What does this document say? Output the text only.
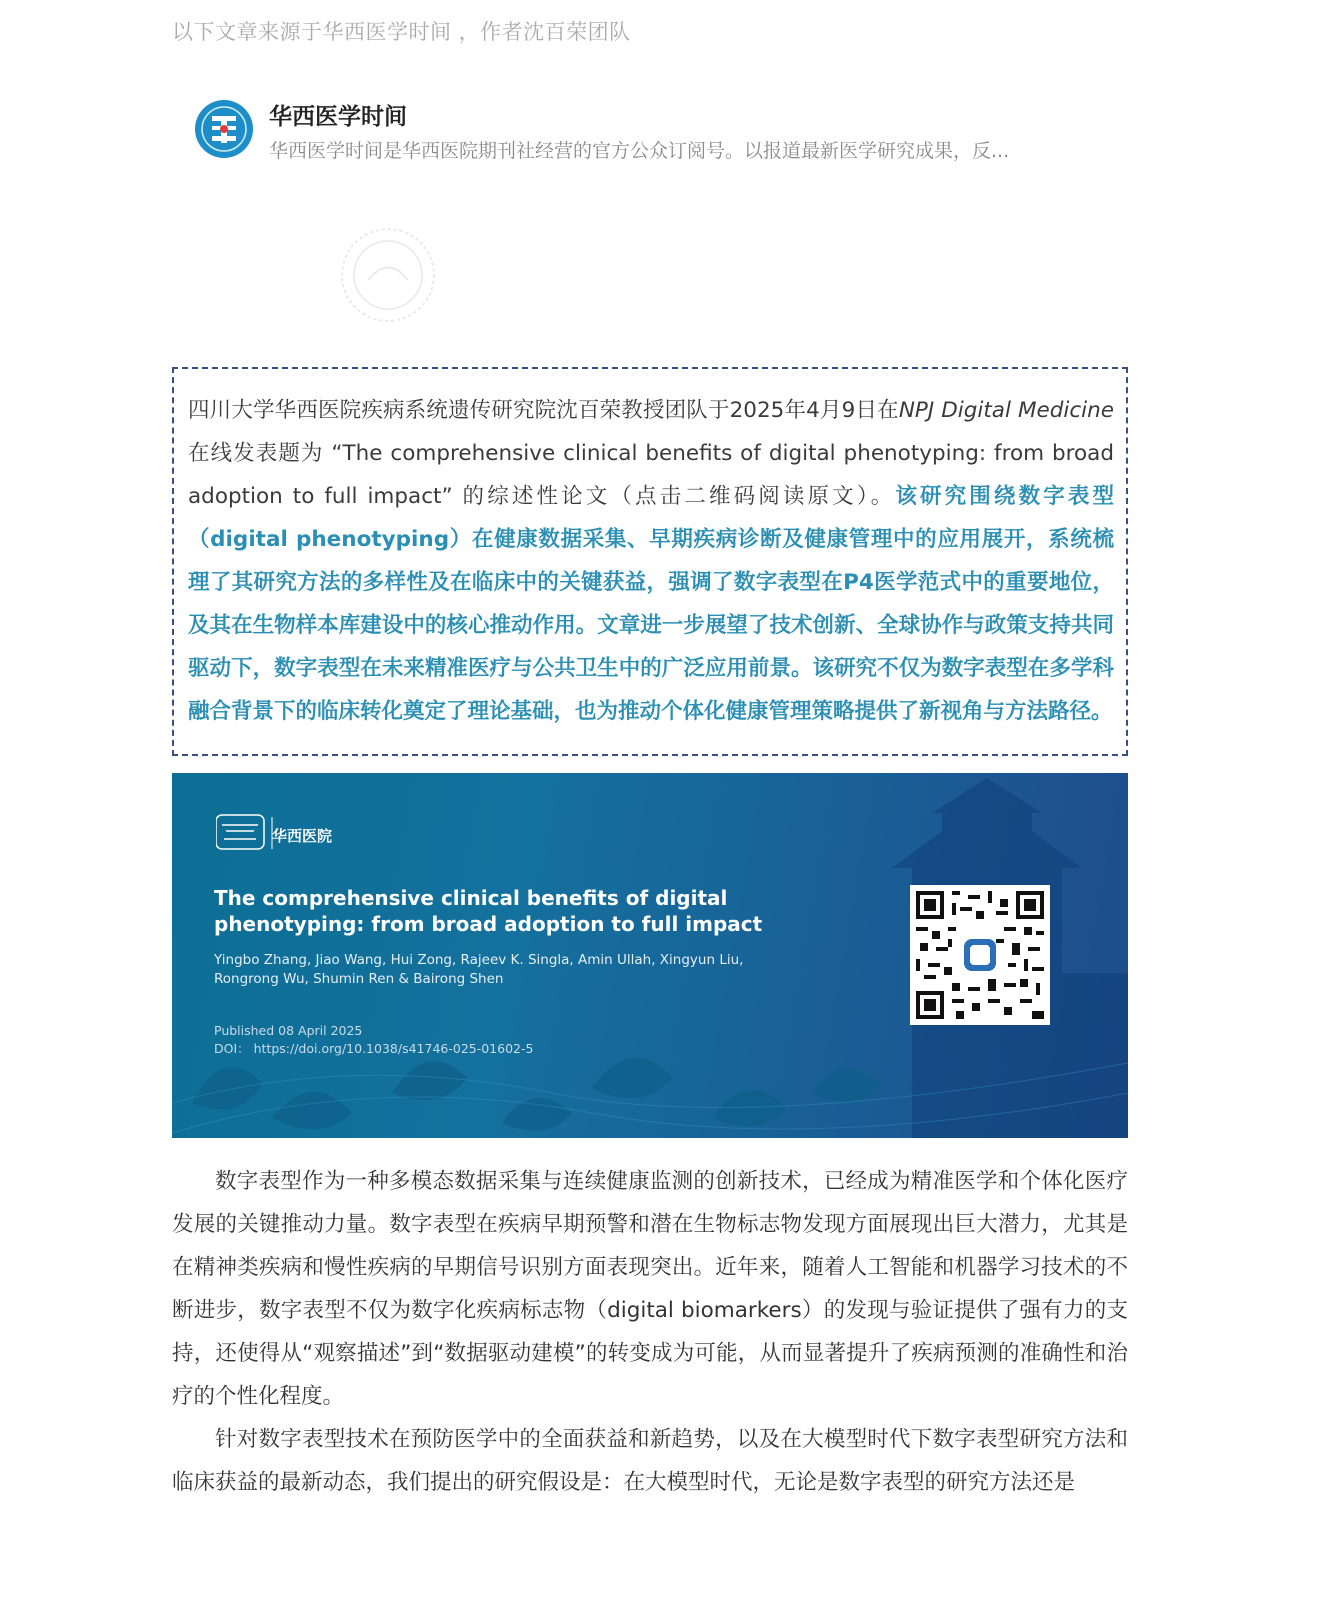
以下文章来源于华西医学时间 ，作者沈百荣团队
华西医学时间
华西医学时间是华西医院期刊社经营的官方公众订阅号。以报道最新医学研究成果，反...

四川大学华西医院疾病系统遗传研究院沈百荣教授团队于2025年4月9日在NPJ Digital Medicine在线发表题为 “The comprehensive clinical benefits of digital phenotyping: from broad adoption to full impact” 的综述性论文（点击二维码阅读原文）。该研究围绕数字表型（digital phenotyping）在健康数据采集、早期疾病诊断及健康管理中的应用展开，系统梳理了其研究方法的多样性及在临床中的关键获益，强调了数字表型在P4医学范式中的重要地位，及其在生物样本库建设中的核心推动作用。文章进一步展望了技术创新、全球协作与政策支持共同驱动下，数字表型在未来精准医疗与公共卫生中的广泛应用前景。该研究不仅为数字表型在多学科融合背景下的临床转化奠定了理论基础，也为推动个体化健康管理策略提供了新视角与方法路径。

华西医院

The comprehensive clinical benefits of digital phenotyping: from broad adoption to full impact

Yingbo Zhang, Jiao Wang, Hui Zong, Rajeev K. Singla, Amin Ullah, Xingyun Liu, Rongrong Wu, Shumin Ren & Bairong Shen

Published 08 April 2025
DOI： https://doi.org/10.1038/s41746-025-01602-5

数字表型作为一种多模态数据采集与连续健康监测的创新技术，已经成为精准医学和个体化医疗发展的关键推动力量。数字表型在疾病早期预警和潜在生物标志物发现方面展现出巨大潜力，尤其是在精神类疾病和慢性疾病的早期信号识别方面表现突出。近年来，随着人工智能和机器学习技术的不断进步，数字表型不仅为数字化疾病标志物（digital biomarkers）的发现与验证提供了强有力的支持，还使得从“观察描述”到“数据驱动建模”的转变成为可能，从而显著提升了疾病预测的准确性和治疗的个性化程度。

针对数字表型技术在预防医学中的全面获益和新趋势，以及在大模型时代下数字表型研究方法和临床获益的最新动态，我们提出的研究假设是：在大模型时代，无论是数字表型的研究方法还是
